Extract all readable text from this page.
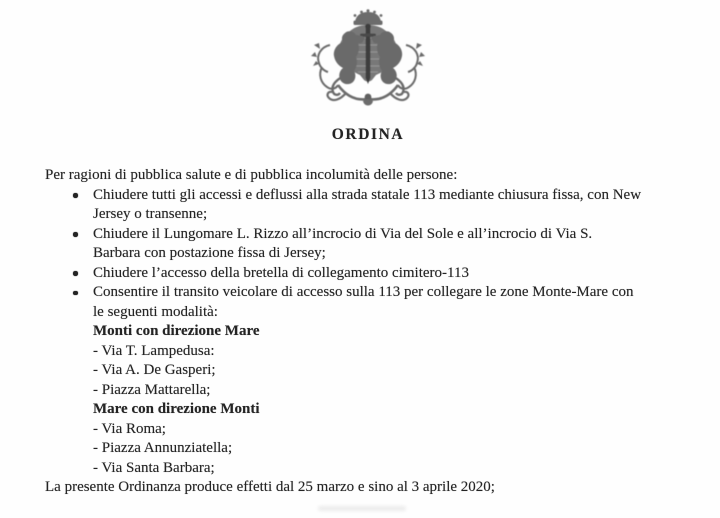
ORDINA

Per ragioni di pubblica salute e di pubblica incolumità delle persone:

Chiudere tutti gli accessi e deflussi alla strada statale 113 mediante chiusura fissa, con New
Jersey o transenne;
Chiudere il Lungomare L. Rizzo all’incrocio di Via del Sole e all’incrocio di Via S.
Barbara con postazione fissa di Jersey;
Chiudere l’accesso della bretella di collegamento cimitero-113
Consentire il transito veicolare di accesso sulla 113 per collegare le zone Monte-Mare con
le seguenti modalità:
Monti con direzione Mare
- Via T. Lampedusa:
- Via A. De Gasperi;
- Piazza Mattarella;
Mare con direzione Monti
- Via Roma;
- Piazza Annunziatella;
- Via Santa Barbara;

La presente Ordinanza produce effetti dal 25 marzo e sino al 3 aprile 2020;
